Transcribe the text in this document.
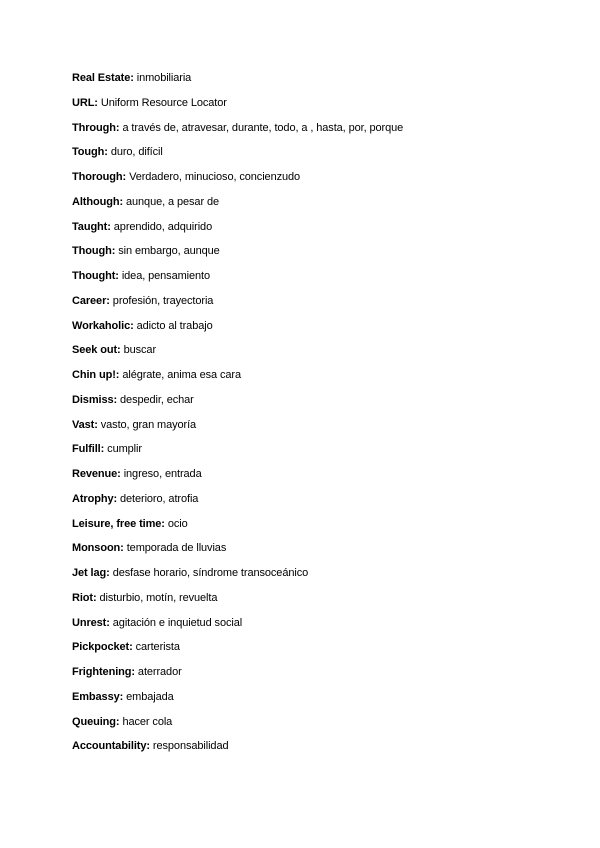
Real Estate: inmobiliaria
URL: Uniform Resource Locator
Through: a través de, atravesar, durante, todo, a , hasta, por, porque
Tough: duro, difícil
Thorough: Verdadero, minucioso, concienzudo
Although: aunque, a pesar de
Taught: aprendido, adquirido
Though: sin embargo, aunque
Thought: idea, pensamiento
Career: profesión, trayectoria
Workaholic: adicto al trabajo
Seek out: buscar
Chin up!: alégrate, anima esa cara
Dismiss: despedir, echar
Vast: vasto, gran mayoría
Fulfill: cumplir
Revenue: ingreso, entrada
Atrophy: deterioro, atrofia
Leisure, free time: ocio
Monsoon: temporada de lluvias
Jet lag: desfase horario, síndrome transoceánico
Riot: disturbio, motín, revuelta
Unrest: agitación e inquietud social
Pickpocket: carterista
Frightening: aterrador
Embassy: embajada
Queuing: hacer cola
Accountability: responsabilidad
